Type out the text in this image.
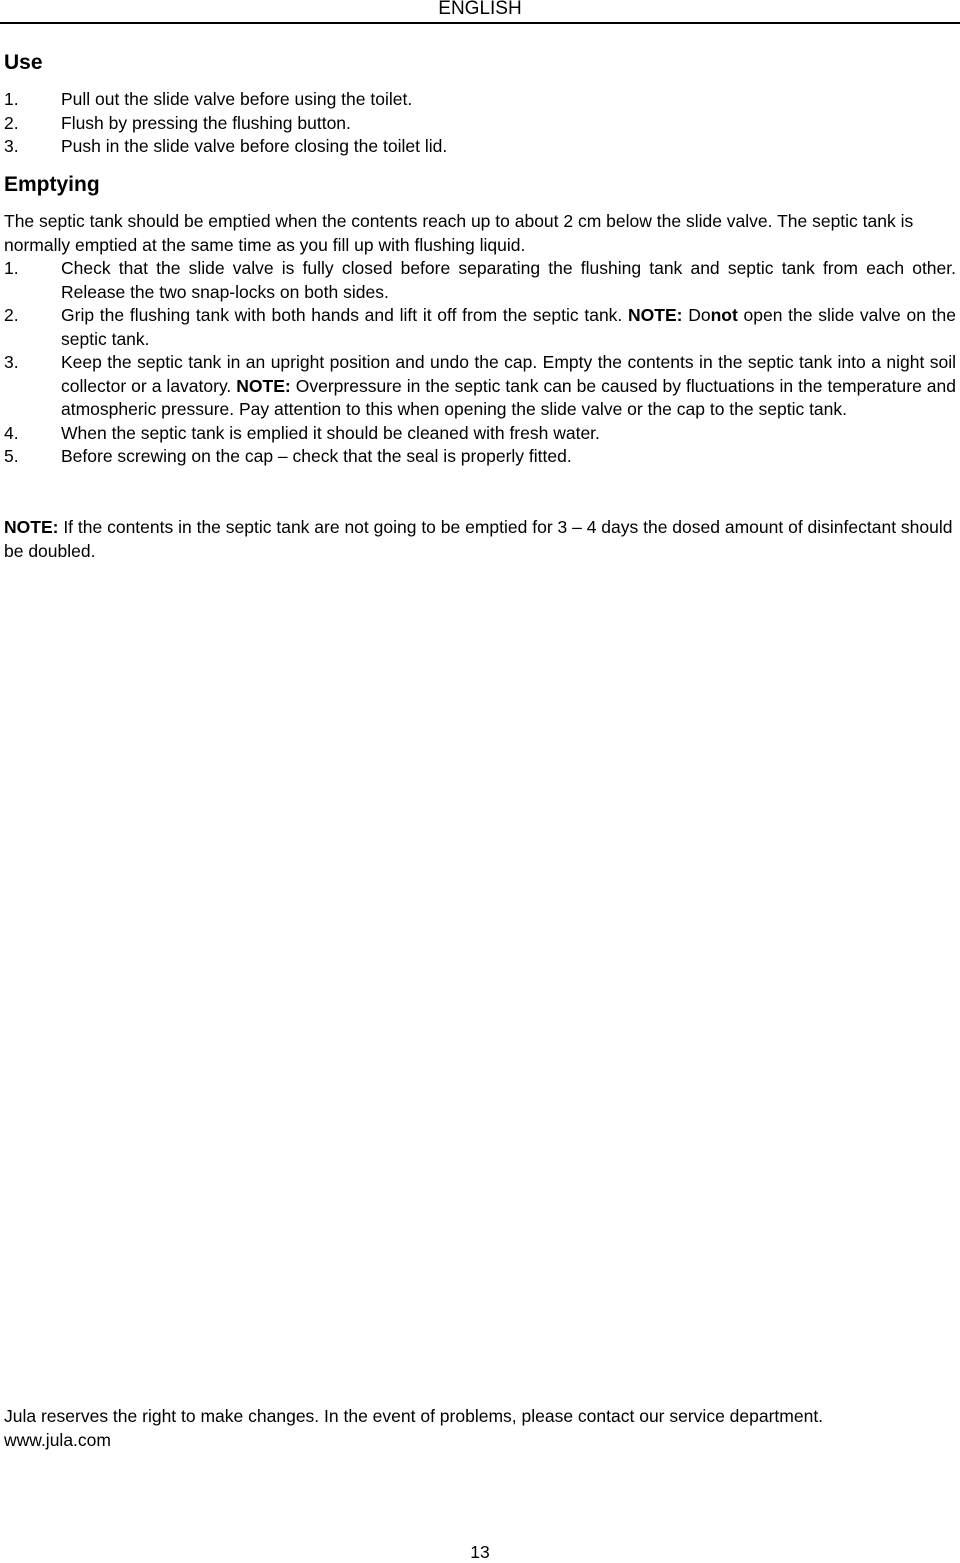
ENGLISH
Use
1.	Pull out the slide valve before using the toilet.
2.	Flush by pressing the flushing button.
3.	Push in the slide valve before closing the toilet lid.
Emptying

The septic tank should be emptied when the contents reach up to about 2 cm below the slide valve. The septic tank is normally emptied at the same time as you fill up with flushing liquid.

1.	Check that the slide valve is fully closed before separating the flushing tank and septic tank from each other. Release the two snap-locks on both sides.
2.	Grip the flushing tank with both hands and lift it off from the septic tank. NOTE: Donot open the slide valve on the septic tank.
3.	Keep the septic tank in an upright position and undo the cap. Empty the contents in the septic tank into a night soil collector or a lavatory. NOTE: Overpressure in the septic tank can be caused by fluctuations in the temperature and atmospheric pressure. Pay attention to this when opening the slide valve or the cap to the septic tank.
4.	When the septic tank is emplied it should be cleaned with fresh water.
5.	Before screwing on the cap – check that the seal is properly fitted.

NOTE: If the contents in the septic tank are not going to be emptied for 3 – 4 days the dosed amount of disinfectant should be doubled.

Jula reserves the right to make changes. In the event of problems, please contact our service department.

www.jula.com

13
